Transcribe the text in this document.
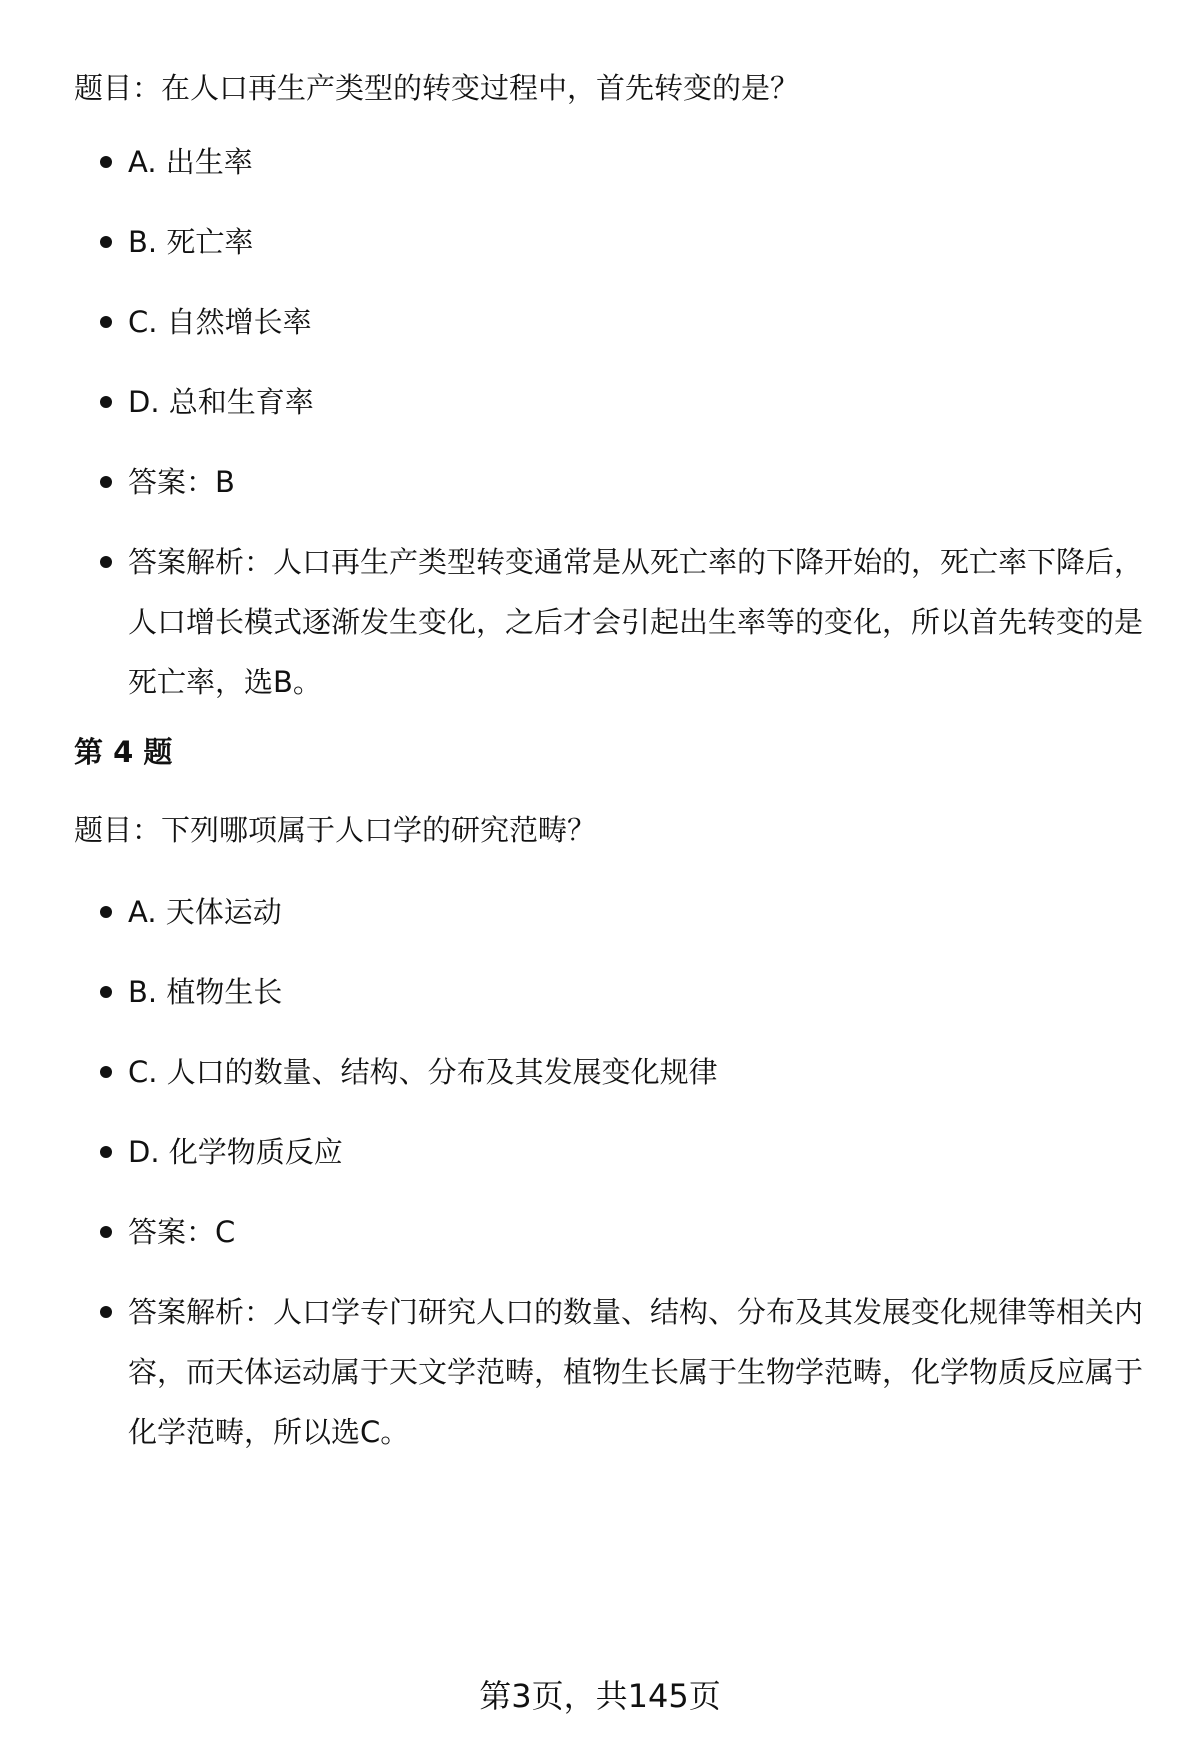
题目：在人口再生产类型的转变过程中，首先转变的是？
A. 出生率
B. 死亡率
C. 自然增长率
D. 总和生育率
答案：B
答案解析：人口再生产类型转变通常是从死亡率的下降开始的，死亡率下降后，人口增长模式逐渐发生变化，之后才会引起出生率等的变化，所以首先转变的是死亡率，选B。
第 4 题
题目：下列哪项属于人口学的研究范畴？
A. 天体运动
B. 植物生长
C. 人口的数量、结构、分布及其发展变化规律
D. 化学物质反应
答案：C
答案解析：人口学专门研究人口的数量、结构、分布及其发展变化规律等相关内容，而天体运动属于天文学范畴，植物生长属于生物学范畴，化学物质反应属于化学范畴，所以选C。
第3页，共145页
